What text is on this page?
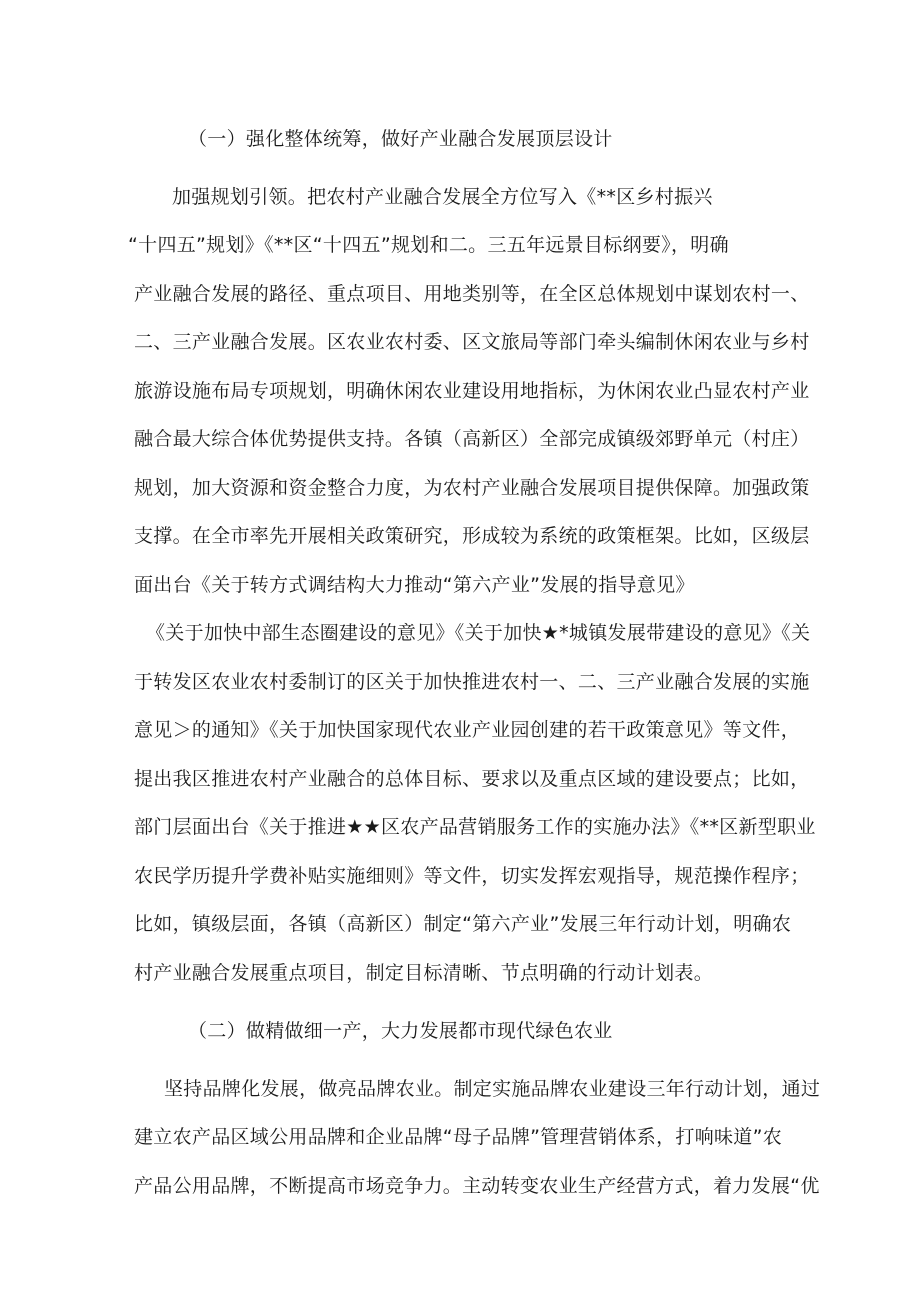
（一）强化整体统筹，做好产业融合发展顶层设计
加强规划引领。把农村产业融合发展全方位写入《**区乡村振兴
“十四五”规划》《**区“十四五”规划和二。三五年远景目标纲要》，明确
产业融合发展的路径、重点项目、用地类别等，在全区总体规划中谋划农村一、
二、三产业融合发展。区农业农村委、区文旅局等部门牵头编制休闲农业与乡村
旅游设施布局专项规划，明确休闲农业建设用地指标，为休闲农业凸显农村产业
融合最大综合体优势提供支持。各镇（高新区）全部完成镇级郊野单元（村庄）
规划，加大资源和资金整合力度，为农村产业融合发展项目提供保障。加强政策
支撑。在全市率先开展相关政策研究，形成较为系统的政策框架。比如，区级层
面出台《关于转方式调结构大力推动“第六产业”发展的指导意见》
《关于加快中部生态圈建设的意见》《关于加快★*城镇发展带建设的意见》《关
于转发区农业农村委制订的区关于加快推进农村一、二、三产业融合发展的实施
意见＞的通知》《关于加快国家现代农业产业园创建的若干政策意见》等文件，
提出我区推进农村产业融合的总体目标、要求以及重点区域的建设要点；比如，
部门层面出台《关于推进★★区农产品营销服务工作的实施办法》《**区新型职业
农民学历提升学费补贴实施细则》等文件，切实发挥宏观指导，规范操作程序；
比如，镇级层面，各镇（高新区）制定“第六产业”发展三年行动计划，明确农
村产业融合发展重点项目，制定目标清晰、节点明确的行动计划表。
（二）做精做细一产，大力发展都市现代绿色农业
坚持品牌化发展，做亮品牌农业。制定实施品牌农业建设三年行动计划，通过
建立农产品区域公用品牌和企业品牌“母子品牌”管理营销体系，打响味道”农
产品公用品牌，不断提高市场竞争力。主动转变农业生产经营方式，着力发展“优
